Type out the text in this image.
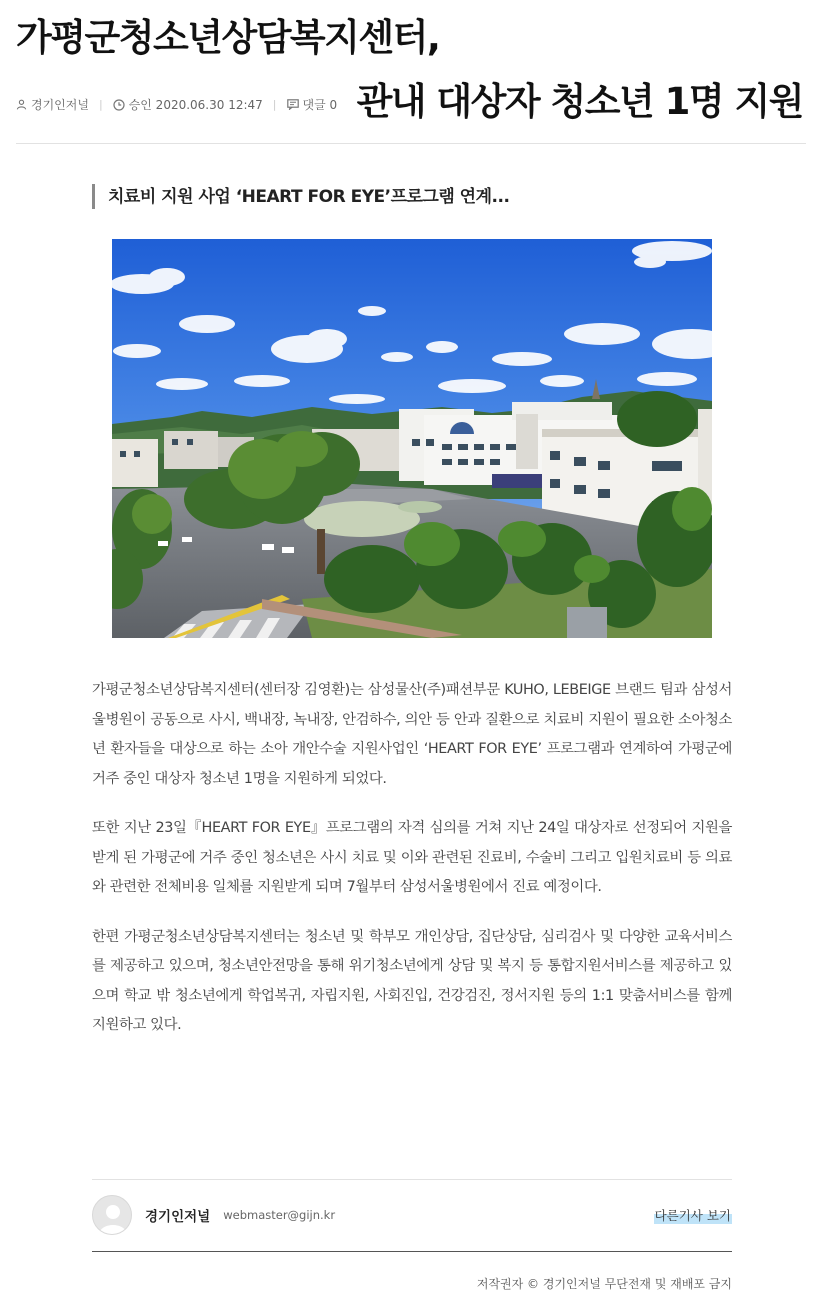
가평군청소년상담복지센터,
관내 대상자 청소년 1명 지원
경기인저널 | 승인 2020.06.30 12:47 | 댓글 0
치료비 지원 사업 ‘HEART FOR EYE’프로그램 연계...

가평군청소년상담복지센터(센터장 김영환)는 삼성물산(주)패션부문 KUHO, LEBEIGE 브랜드 팀과 삼성서울병원이 공동으로 사시, 백내장, 녹내장, 안검하수, 의안 등 안과 질환으로 치료비 지원이 필요한 소아청소년 환자들을 대상으로 하는 소아 개안수술 지원사업인 ‘HEART FOR EYE’ 프로그램과 연계하여 가평군에 거주 중인 대상자 청소년 1명을 지원하게 되었다.

또한 지난 23일『HEART FOR EYE』프로그램의 자격 심의를 거쳐 지난 24일 대상자로 선정되어 지원을 받게 된 가평군에 거주 중인 청소년은 사시 치료 및 이와 관련된 진료비, 수술비 그리고 입원치료비 등 의료와 관련한 전체비용 일체를 지원받게 되며 7월부터 삼성서울병원에서 진료 예정이다.

한편 가평군청소년상담복지센터는 청소년 및 학부모 개인상담, 집단상담, 심리검사 및 다양한 교육서비스를 제공하고 있으며, 청소년안전망을 통해 위기청소년에게 상담 및 복지 등 통합지원서비스를 제공하고 있으며 학교 밖 청소년에게 학업복귀, 자립지원, 사회진입, 건강검진, 정서지원 등의 1:1 맞춤서비스를 함께 지원하고 있다.

경기인저널 webmaster@gijn.kr	다른기사 보기
저작권자 © 경기인저널 무단전재 및 재배포 금지
